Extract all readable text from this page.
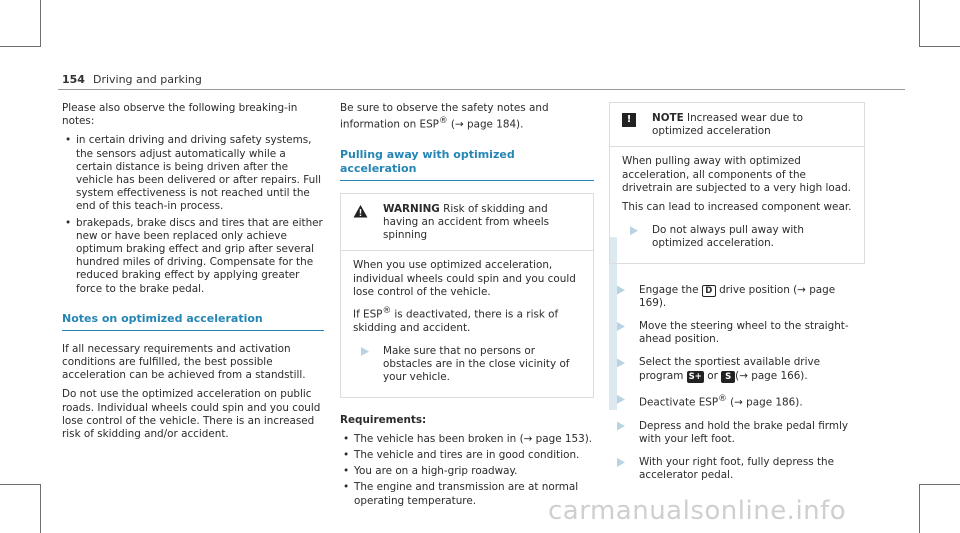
154 Driving and parking

Please also observe the following breaking-in notes:

• in certain driving and driving safety systems, the sensors adjust automatically while a certain distance is being driven after the vehicle has been delivered or after repairs. Full system effectiveness is not reached until the end of this teach-in process.
• brakepads, brake discs and tires that are either new or have been replaced only achieve optimum braking effect and grip after several hundred miles of driving. Compensate for the reduced braking effect by applying greater force to the brake pedal.
Notes on optimized acceleration

If all necessary requirements and activation conditions are fulfilled, the best possible acceleration can be achieved from a standstill.

Do not use the optimized acceleration on public roads. Individual wheels could spin and you could lose control of the vehicle. There is an increased risk of skidding and/or accident.

Be sure to observe the safety notes and information on ESP® (→ page 184).

Pulling away with optimized acceleration
WARNING Risk of skidding and having an accident from wheels spinning

When you use optimized acceleration, individual wheels could spin and you could lose control of the vehicle.

If ESP® is deactivated, there is a risk of skidding and accident.

Make sure that no persons or obstacles are in the close vicinity of your vehicle.

Requirements:

• The vehicle has been broken in (→ page 153).
• The vehicle and tires are in good condition.
• You are on a high-grip roadway.
• The engine and transmission are at normal operating temperature.
!	NOTE Increased wear due to optimized acceleration

When pulling away with optimized acceleration, all components of the drivetrain are subjected to a very high load.

This can lead to increased component wear.

Do not always pull away with optimized acceleration.
Engage the D drive position (→ page 169).
Move the steering wheel to the straight-ahead position.
Select the sportiest available drive program S+ or S (→ page 166).
Deactivate ESP® (→ page 186).
Depress and hold the brake pedal firmly with your left foot.
With your right foot, fully depress the accelerator pedal.
carmanualsonline.info
